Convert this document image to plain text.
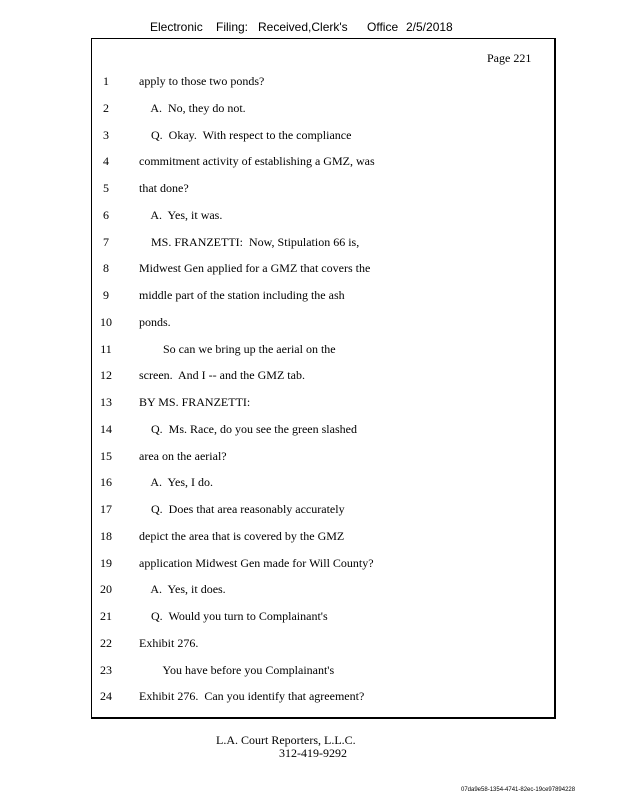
Electronic Filing: Received,Clerk's Office 2/5/2018
Page 221
1	apply to those two ponds?
2	A.  No, they do not.
3	Q.  Okay.  With respect to the compliance
4	commitment activity of establishing a GMZ, was
5	that done?
6	A.  Yes, it was.
7	MS. FRANZETTI:  Now, Stipulation 66 is,
8	Midwest Gen applied for a GMZ that covers the
9	middle part of the station including the ash
10	ponds.
11	So can we bring up the aerial on the
12	screen.  And I -- and the GMZ tab.
13	BY MS. FRANZETTI:
14	Q.  Ms. Race, do you see the green slashed
15	area on the aerial?
16	A.  Yes, I do.
17	Q.  Does that area reasonably accurately
18	depict the area that is covered by the GMZ
19	application Midwest Gen made for Will County?
20	A.  Yes, it does.
21	Q.  Would you turn to Complainant's
22	Exhibit 276.
23	You have before you Complainant's
24	Exhibit 276.  Can you identify that agreement?
L.A. Court Reporters, L.L.C.
312-419-9292
07da9e58-1354-4741-82ec-19ce97894228
